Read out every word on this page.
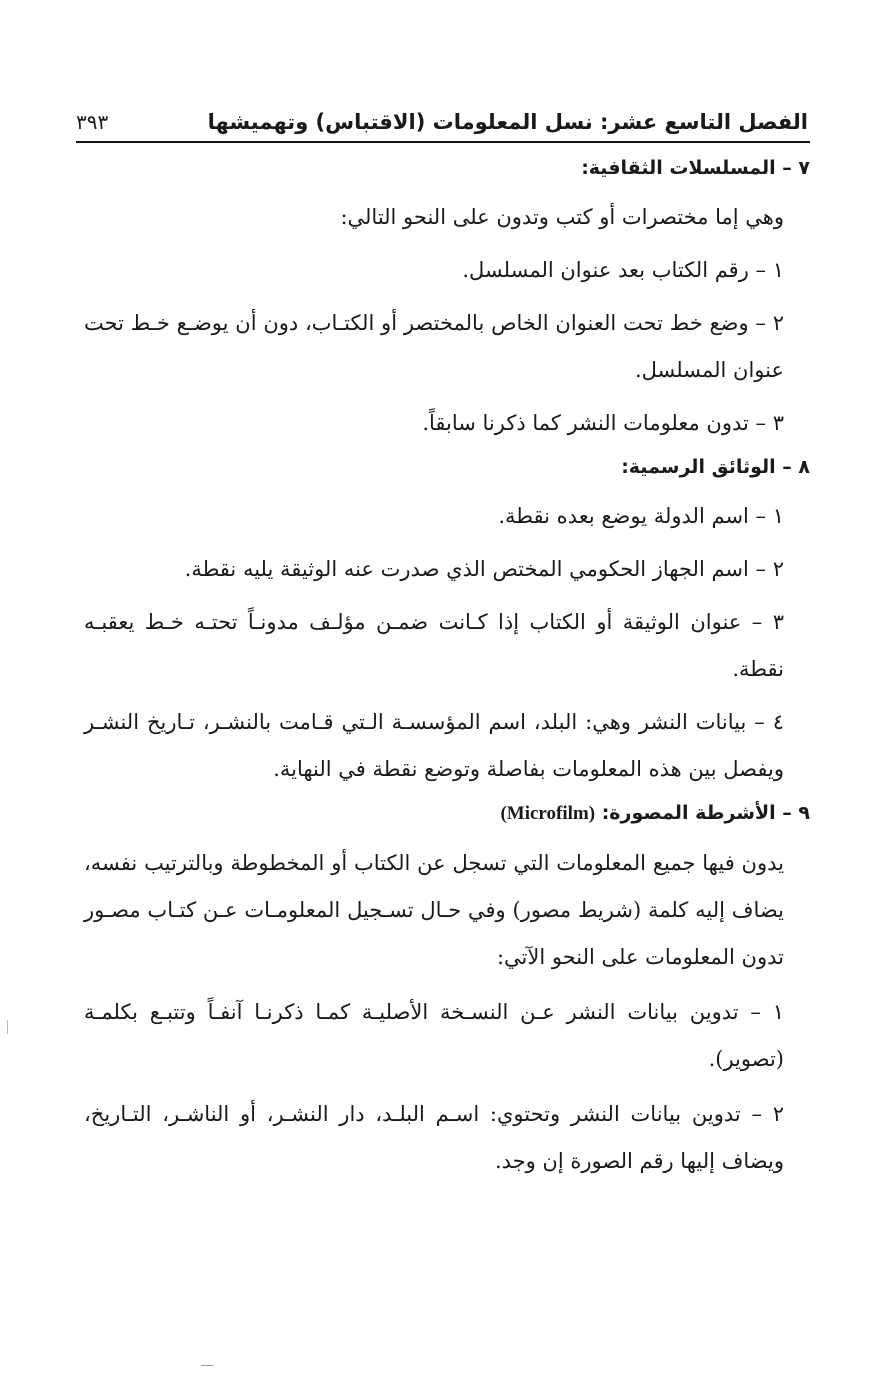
الفصل التاسع عشر: نسل المعلومات (الاقتباس) وتهميشها
٣٩٣

٧ – المسلسلات الثقافية:

وهي إما مختصرات أو كتب وتدون على النحو التالي:

١ – رقم الكتاب بعد عنوان المسلسل.

٢ – وضع خط تحت العنوان الخاص بالمختصر أو الكتـاب، دون أن يوضـع خـط تحت عنوان المسلسل.

٣ – تدون معلومات النشر كما ذكرنا سابقاً.

٨ – الوثائق الرسمية:

١ – اسم الدولة يوضع بعده نقطة.

٢ – اسم الجهاز الحكومي المختص الذي صدرت عنه الوثيقة يليه نقطة.

٣ – عنوان الوثيقة أو الكتاب إذا كـانت ضمـن مؤلـف مدونـاً تحتـه خـط يعقبـه نقطة.

٤ – بيانات النشر وهي: البلد، اسم المؤسسـة الـتي قـامت بالنشـر، تـاريخ النشـر ويفصل بين هذه المعلومات بفاصلة وتوضع نقطة في النهاية.

٩ – الأشرطة المصورة: (Microfilm)

يدون فيها جميع المعلومات التي تسجل عن الكتاب أو المخطوطة وبالترتيب نفسه، يضاف إليه كلمة (شريط مصور) وفي حـال تسـجيل المعلومـات عـن كتـاب مصـور تدون المعلومات على النحو الآتي:

١ – تدوين بيانات النشر عـن النسـخة الأصليـة كمـا ذكرنـا آنفـاً وتتبـع بكلمـة (تصوير).

٢ – تدوين بيانات النشر وتحتوي: اسـم البلـد، دار النشـر، أو الناشـر، التـاريخ، ويضاف إليها رقم الصورة إن وجد.
